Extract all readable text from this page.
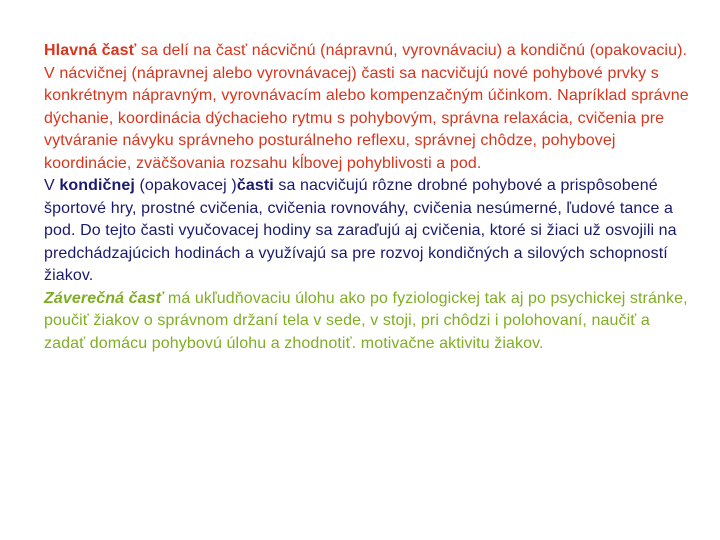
Hlavná časť sa delí na časť nácvičnú (nápravnú, vyrovnávaciu) a kondičnú (opakovaciu). V nácvičnej (nápravnej alebo vyrovnávacej) časti sa nacvičujú nové pohybové prvky s konkrétnym nápravným, vyrovnávacím alebo kompenzačným účinkom. Napríklad správne dýchanie, koordinácia dýchacieho rytmu s pohybovým, správna relaxácia, cvičenia pre vytváranie návyku správneho posturálneho reflexu, správnej chôdze, pohybovej koordinácie, zväčšovania rozsahu kĺbovej pohyblivosti a pod.

V kondičnej (opakovacej )časti sa nacvičujú rôzne drobné pohybové a prispôsobené športové hry, prostné cvičenia, cvičenia rovnováhy, cvičenia nesúmerné, ľudové tance a pod. Do tejto časti vyučovacej hodiny sa zaraďujú aj cvičenia, ktoré si žiaci už osvojili na predchádzajúcich hodinách a využívajú sa pre rozvoj kondičných a silových schopností žiakov.

Záverečná časť má ukľudňovaciu úlohu ako po fyziologickej tak aj po psychickej stránke, poučiť žiakov o správnom držaní tela v sede, v stoji, pri chôdzi i polohovaní, naučiť a zadať domácu pohybovú úlohu a zhodnotiť. motivačne aktivitu žiakov.
